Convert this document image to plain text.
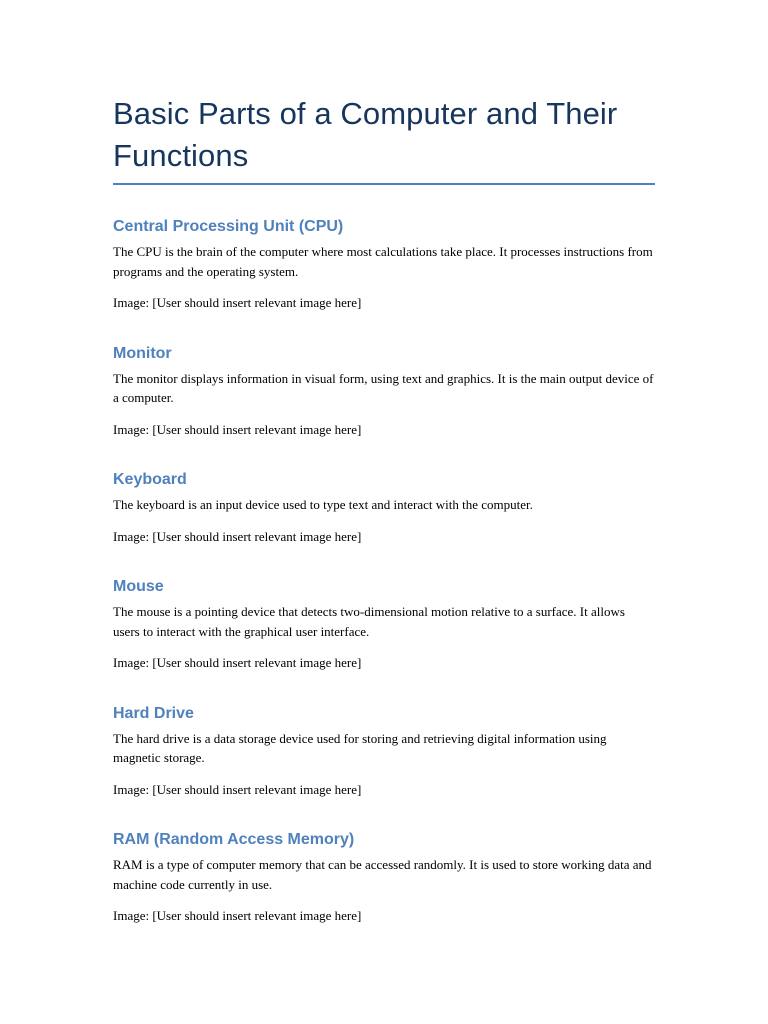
Basic Parts of a Computer and Their Functions
Central Processing Unit (CPU)

The CPU is the brain of the computer where most calculations take place. It processes instructions from programs and the operating system.

Image: [User should insert relevant image here]

Monitor

The monitor displays information in visual form, using text and graphics. It is the main output device of a computer.

Image: [User should insert relevant image here]

Keyboard

The keyboard is an input device used to type text and interact with the computer.

Image: [User should insert relevant image here]

Mouse

The mouse is a pointing device that detects two-dimensional motion relative to a surface. It allows users to interact with the graphical user interface.

Image: [User should insert relevant image here]

Hard Drive

The hard drive is a data storage device used for storing and retrieving digital information using magnetic storage.

Image: [User should insert relevant image here]

RAM (Random Access Memory)

RAM is a type of computer memory that can be accessed randomly. It is used to store working data and machine code currently in use.

Image: [User should insert relevant image here]
